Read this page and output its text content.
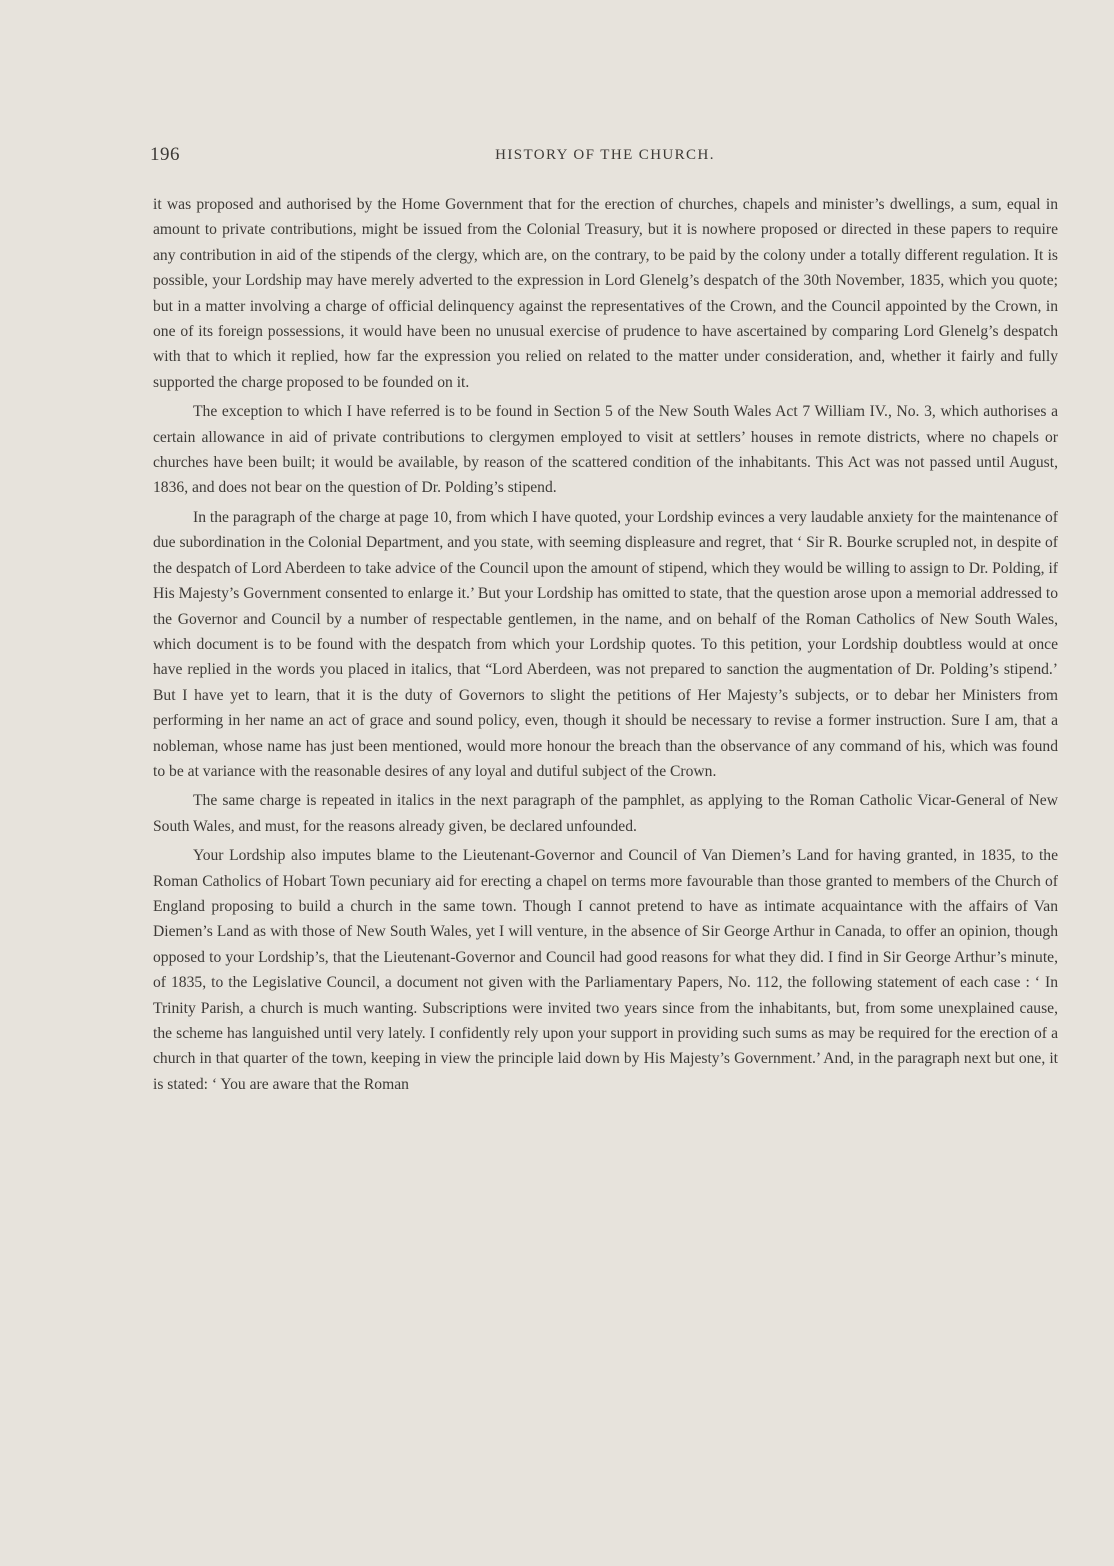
196	HISTORY OF THE CHURCH.

it was proposed and authorised by the Home Government that for the erection of churches, chapels and minister’s dwellings, a sum, equal in amount to private contributions, might be issued from the Colonial Treasury, but it is nowhere proposed or directed in these papers to require any contribution in aid of the stipends of the clergy, which are, on the contrary, to be paid by the colony under a totally different regulation. It is possible, your Lordship may have merely adverted to the expression in Lord Glenelg’s despatch of the 30th November, 1835, which you quote; but in a matter involving a charge of official delinquency against the representatives of the Crown, and the Council appointed by the Crown, in one of its foreign possessions, it would have been no unusual exercise of prudence to have ascertained by comparing Lord Glenelg’s despatch with that to which it replied, how far the expression you relied on related to the matter under consideration, and, whether it fairly and fully supported the charge proposed to be founded on it.

The exception to which I have referred is to be found in Section 5 of the New South Wales Act 7 William IV., No. 3, which authorises a certain allowance in aid of private contributions to clergymen employed to visit at settlers’ houses in remote districts, where no chapels or churches have been built; it would be available, by reason of the scattered condition of the inhabitants. This Act was not passed until August, 1836, and does not bear on the question of Dr. Polding’s stipend.

In the paragraph of the charge at page 10, from which I have quoted, your Lordship evinces a very laudable anxiety for the maintenance of due subordination in the Colonial Department, and you state, with seeming displeasure and regret, that ‘ Sir R. Bourke scrupled not, in despite of the despatch of Lord Aberdeen to take advice of the Council upon the amount of stipend, which they would be willing to assign to Dr. Polding, if His Majesty’s Government consented to enlarge it.’ But your Lordship has omitted to state, that the question arose upon a memorial addressed to the Governor and Council by a number of respectable gentlemen, in the name, and on behalf of the Roman Catholics of New South Wales, which document is to be found with the despatch from which your Lordship quotes. To this petition, your Lordship doubtless would at once have replied in the words you placed in italics, that “Lord Aberdeen, was not prepared to sanction the augmentation of Dr. Polding’s stipend.’ But I have yet to learn, that it is the duty of Governors to slight the petitions of Her Majesty’s subjects, or to debar her Ministers from performing in her name an act of grace and sound policy, even, though it should be necessary to revise a former instruction. Sure I am, that a nobleman, whose name has just been mentioned, would more honour the breach than the observance of any command of his, which was found to be at variance with the reasonable desires of any loyal and dutiful subject of the Crown.

The same charge is repeated in italics in the next paragraph of the pamphlet, as applying to the Roman Catholic Vicar-General of New South Wales, and must, for the reasons already given, be declared unfounded.

Your Lordship also imputes blame to the Lieutenant-Governor and Council of Van Diemen’s Land for having granted, in 1835, to the Roman Catholics of Hobart Town pecuniary aid for erecting a chapel on terms more favourable than those granted to members of the Church of England proposing to build a church in the same town. Though I cannot pretend to have as intimate acquaintance with the affairs of Van Diemen’s Land as with those of New South Wales, yet I will venture, in the absence of Sir George Arthur in Canada, to offer an opinion, though opposed to your Lordship’s, that the Lieutenant-Governor and Council had good reasons for what they did. I find in Sir George Arthur’s minute, of 1835, to the Legislative Council, a document not given with the Parliamentary Papers, No. 112, the following statement of each case : ‘ In Trinity Parish, a church is much wanting. Subscriptions were invited two years since from the inhabitants, but, from some unexplained cause, the scheme has languished until very lately. I confidently rely upon your support in providing such sums as may be required for the erection of a church in that quarter of the town, keeping in view the principle laid down by His Majesty’s Government.’ And, in the paragraph next but one, it is stated: ‘ You are aware that the Roman
